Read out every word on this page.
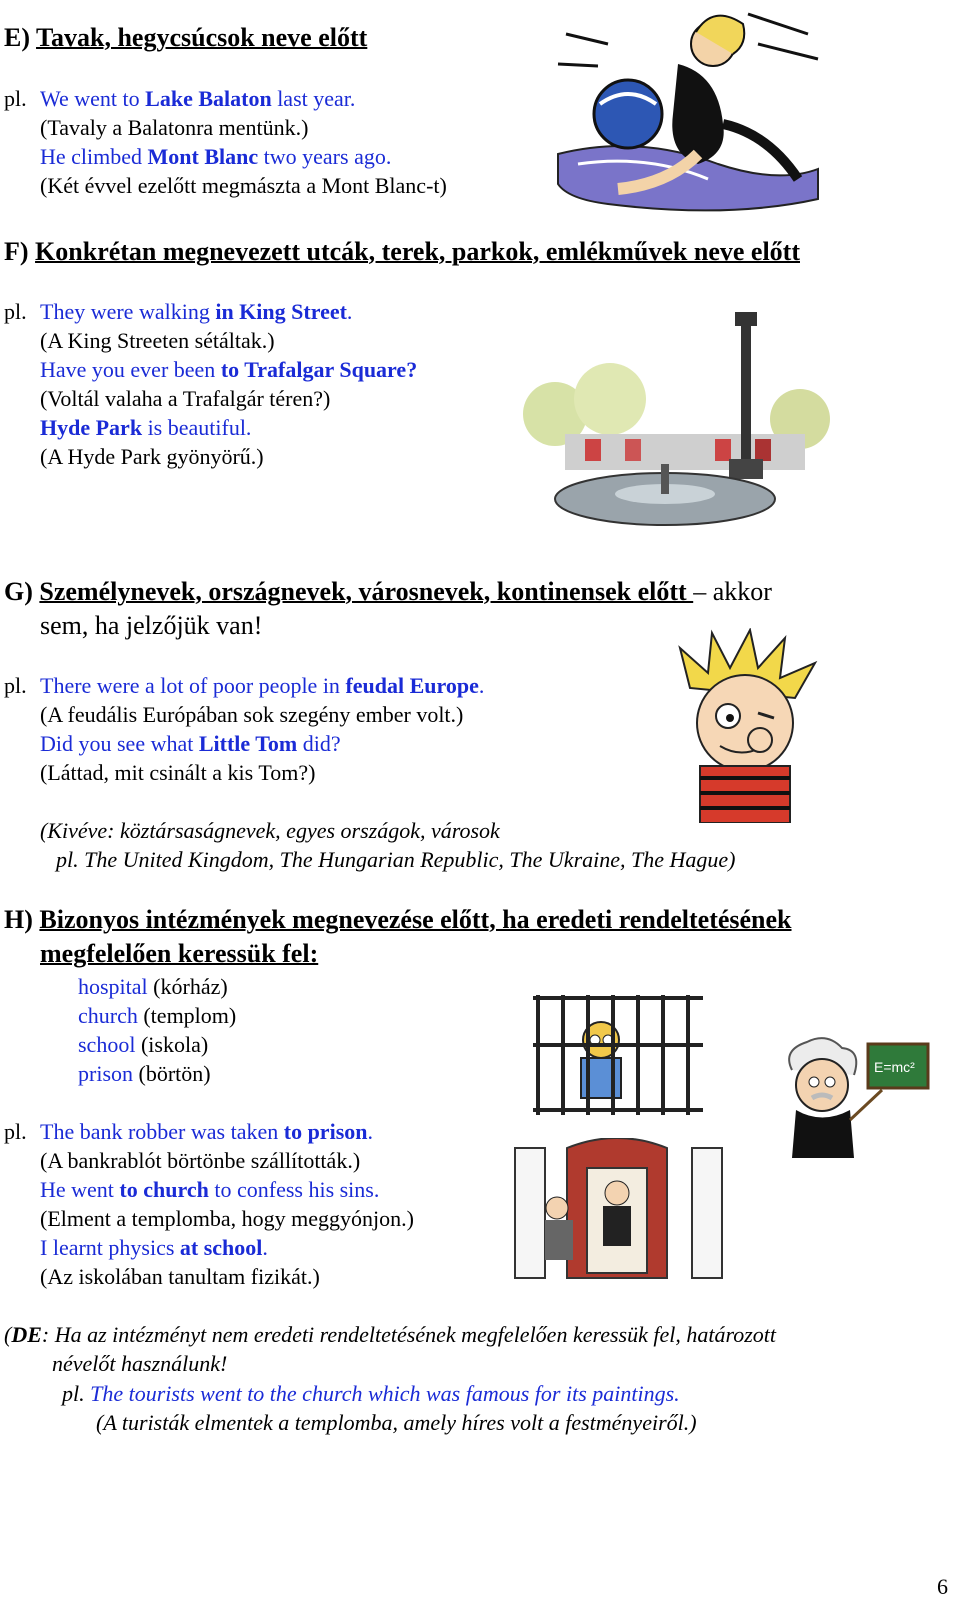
E) Tavak, hegycsúcsok neve előtt
pl. We went to Lake Balaton last year.
(Tavaly a Balatonra mentünk.)
He climbed Mont Blanc two years ago.
(Két évvel ezelőtt megmászta a Mont Blanc-t)
F) Konkrétan megnevezett utcák, terek, parkok, emlékművek neve előtt
pl. They were walking in King Street.
(A King Streeten sétáltak.)
Have you ever been to Trafalgar Square?
(Voltál valaha a Trafalgár téren?)
Hyde Park is beautiful.
(A Hyde Park gyönyörű.)
G) Személynevek, országnevek, városnevek, kontinensek előtt – akkor
sem, ha jelzőjük van!
pl. There were a lot of poor people in feudal Europe.
(A feudális Európában sok szegény ember volt.)
Did you see what Little Tom did?
(Láttad, mit csinált a kis Tom?)
(Kivéve: köztársaságnevek, egyes országok, városok
pl. The United Kingdom, The Hungarian Republic, The Ukraine, The Hague)
H) Bizonyos intézmények megnevezése előtt, ha eredeti rendeltetésének
megfelelően keressük fel:
hospital (kórház)
church (templom)
school (iskola)
prison (börtön)
pl. The bank robber was taken to prison.
(A bankrablót börtönbe szállították.)
He went to church to confess his sins.
(Elment a templomba, hogy meggyónjon.)
I learnt physics at school.
(Az iskolában tanultam fizikát.)
E=mc²
(DE: Ha az intézményt nem eredeti rendeltetésének megfelelően keressük fel, határozott
névelőt használunk!
pl. The tourists went to the church which was famous for its paintings.
(A turisták elmentek a templomba, amely híres volt a festményeiről.)
6
